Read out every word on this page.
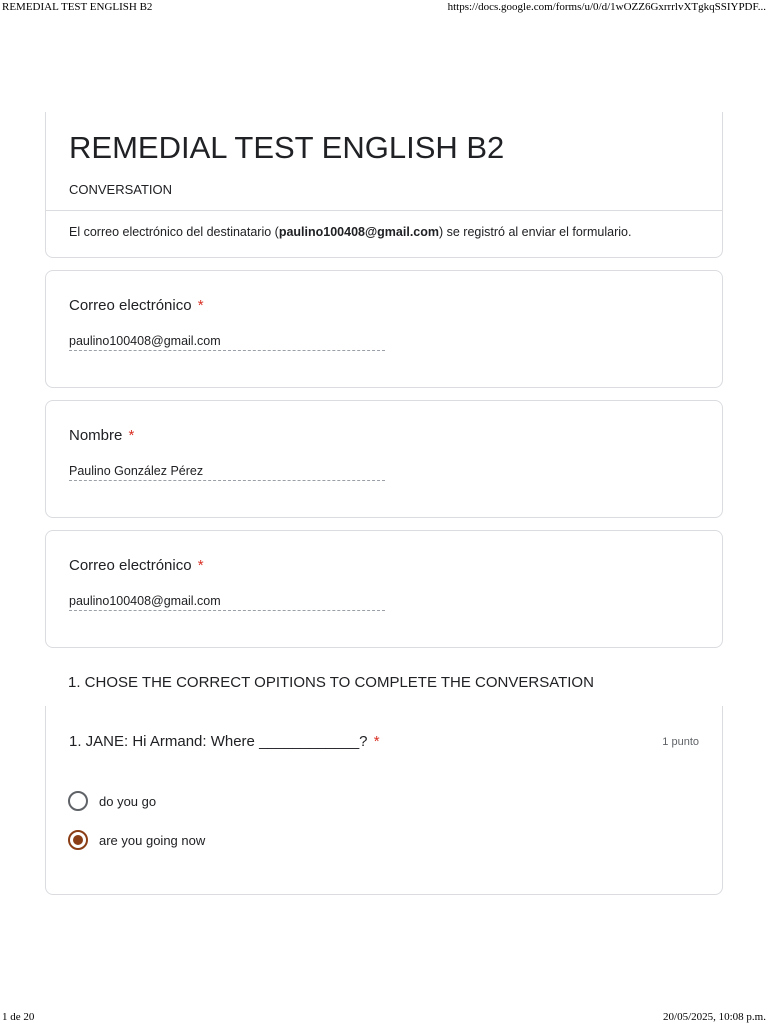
REMEDIAL TEST ENGLISH B2	https://docs.google.com/forms/u/0/d/1wOZZ6GxrrrlvXTgkqSSIYPDF...
REMEDIAL TEST ENGLISH B2
CONVERSATION
El correo electrónico del destinatario (paulino100408@gmail.com) se registró al enviar el formulario.
Correo electrónico *
paulino100408@gmail.com
Nombre *
Paulino González Pérez
Correo electrónico *
paulino100408@gmail.com
1. CHOSE THE CORRECT OPITIONS TO COMPLETE THE CONVERSATION
1. JANE: Hi Armand: Where ____________? *	1 punto
do you go
are you going now
1 de 20	20/05/2025, 10:08 p.m.
